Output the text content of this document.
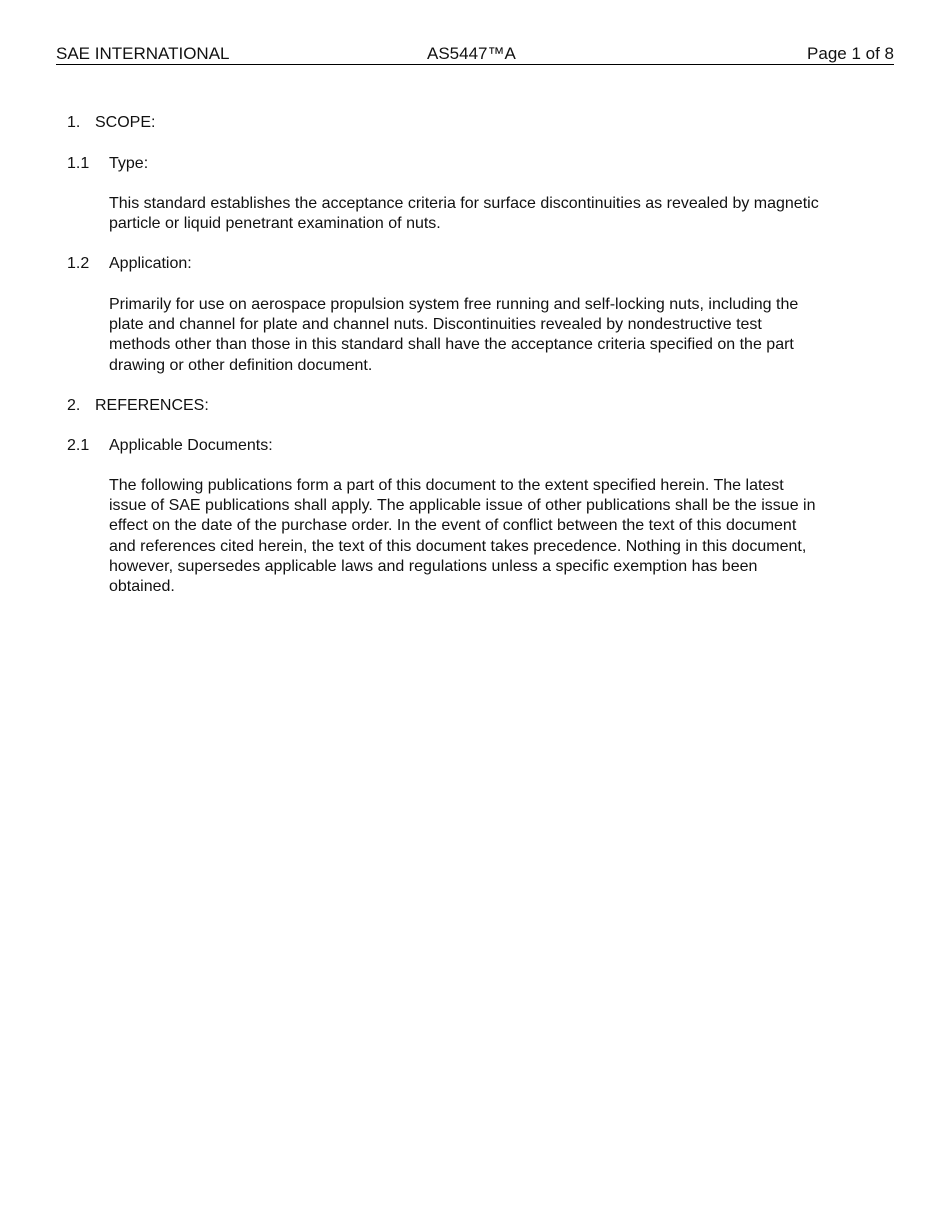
SAE INTERNATIONAL	AS5447™A	Page 1 of 8
1. SCOPE:
1.1 Type:
This standard establishes the acceptance criteria for surface discontinuities as revealed by magnetic
particle or liquid penetrant examination of nuts.
1.2 Application:
Primarily for use on aerospace propulsion system free running and self-locking nuts, including the
plate and channel for plate and channel nuts. Discontinuities revealed by nondestructive test
methods other than those in this standard shall have the acceptance criteria specified on the part
drawing or other definition document.
2. REFERENCES:
2.1 Applicable Documents:
The following publications form a part of this document to the extent specified herein. The latest
issue of SAE publications shall apply. The applicable issue of other publications shall be the issue in
effect on the date of the purchase order. In the event of conflict between the text of this document
and references cited herein, the text of this document takes precedence. Nothing in this document,
however, supersedes applicable laws and regulations unless a specific exemption has been
obtained.
